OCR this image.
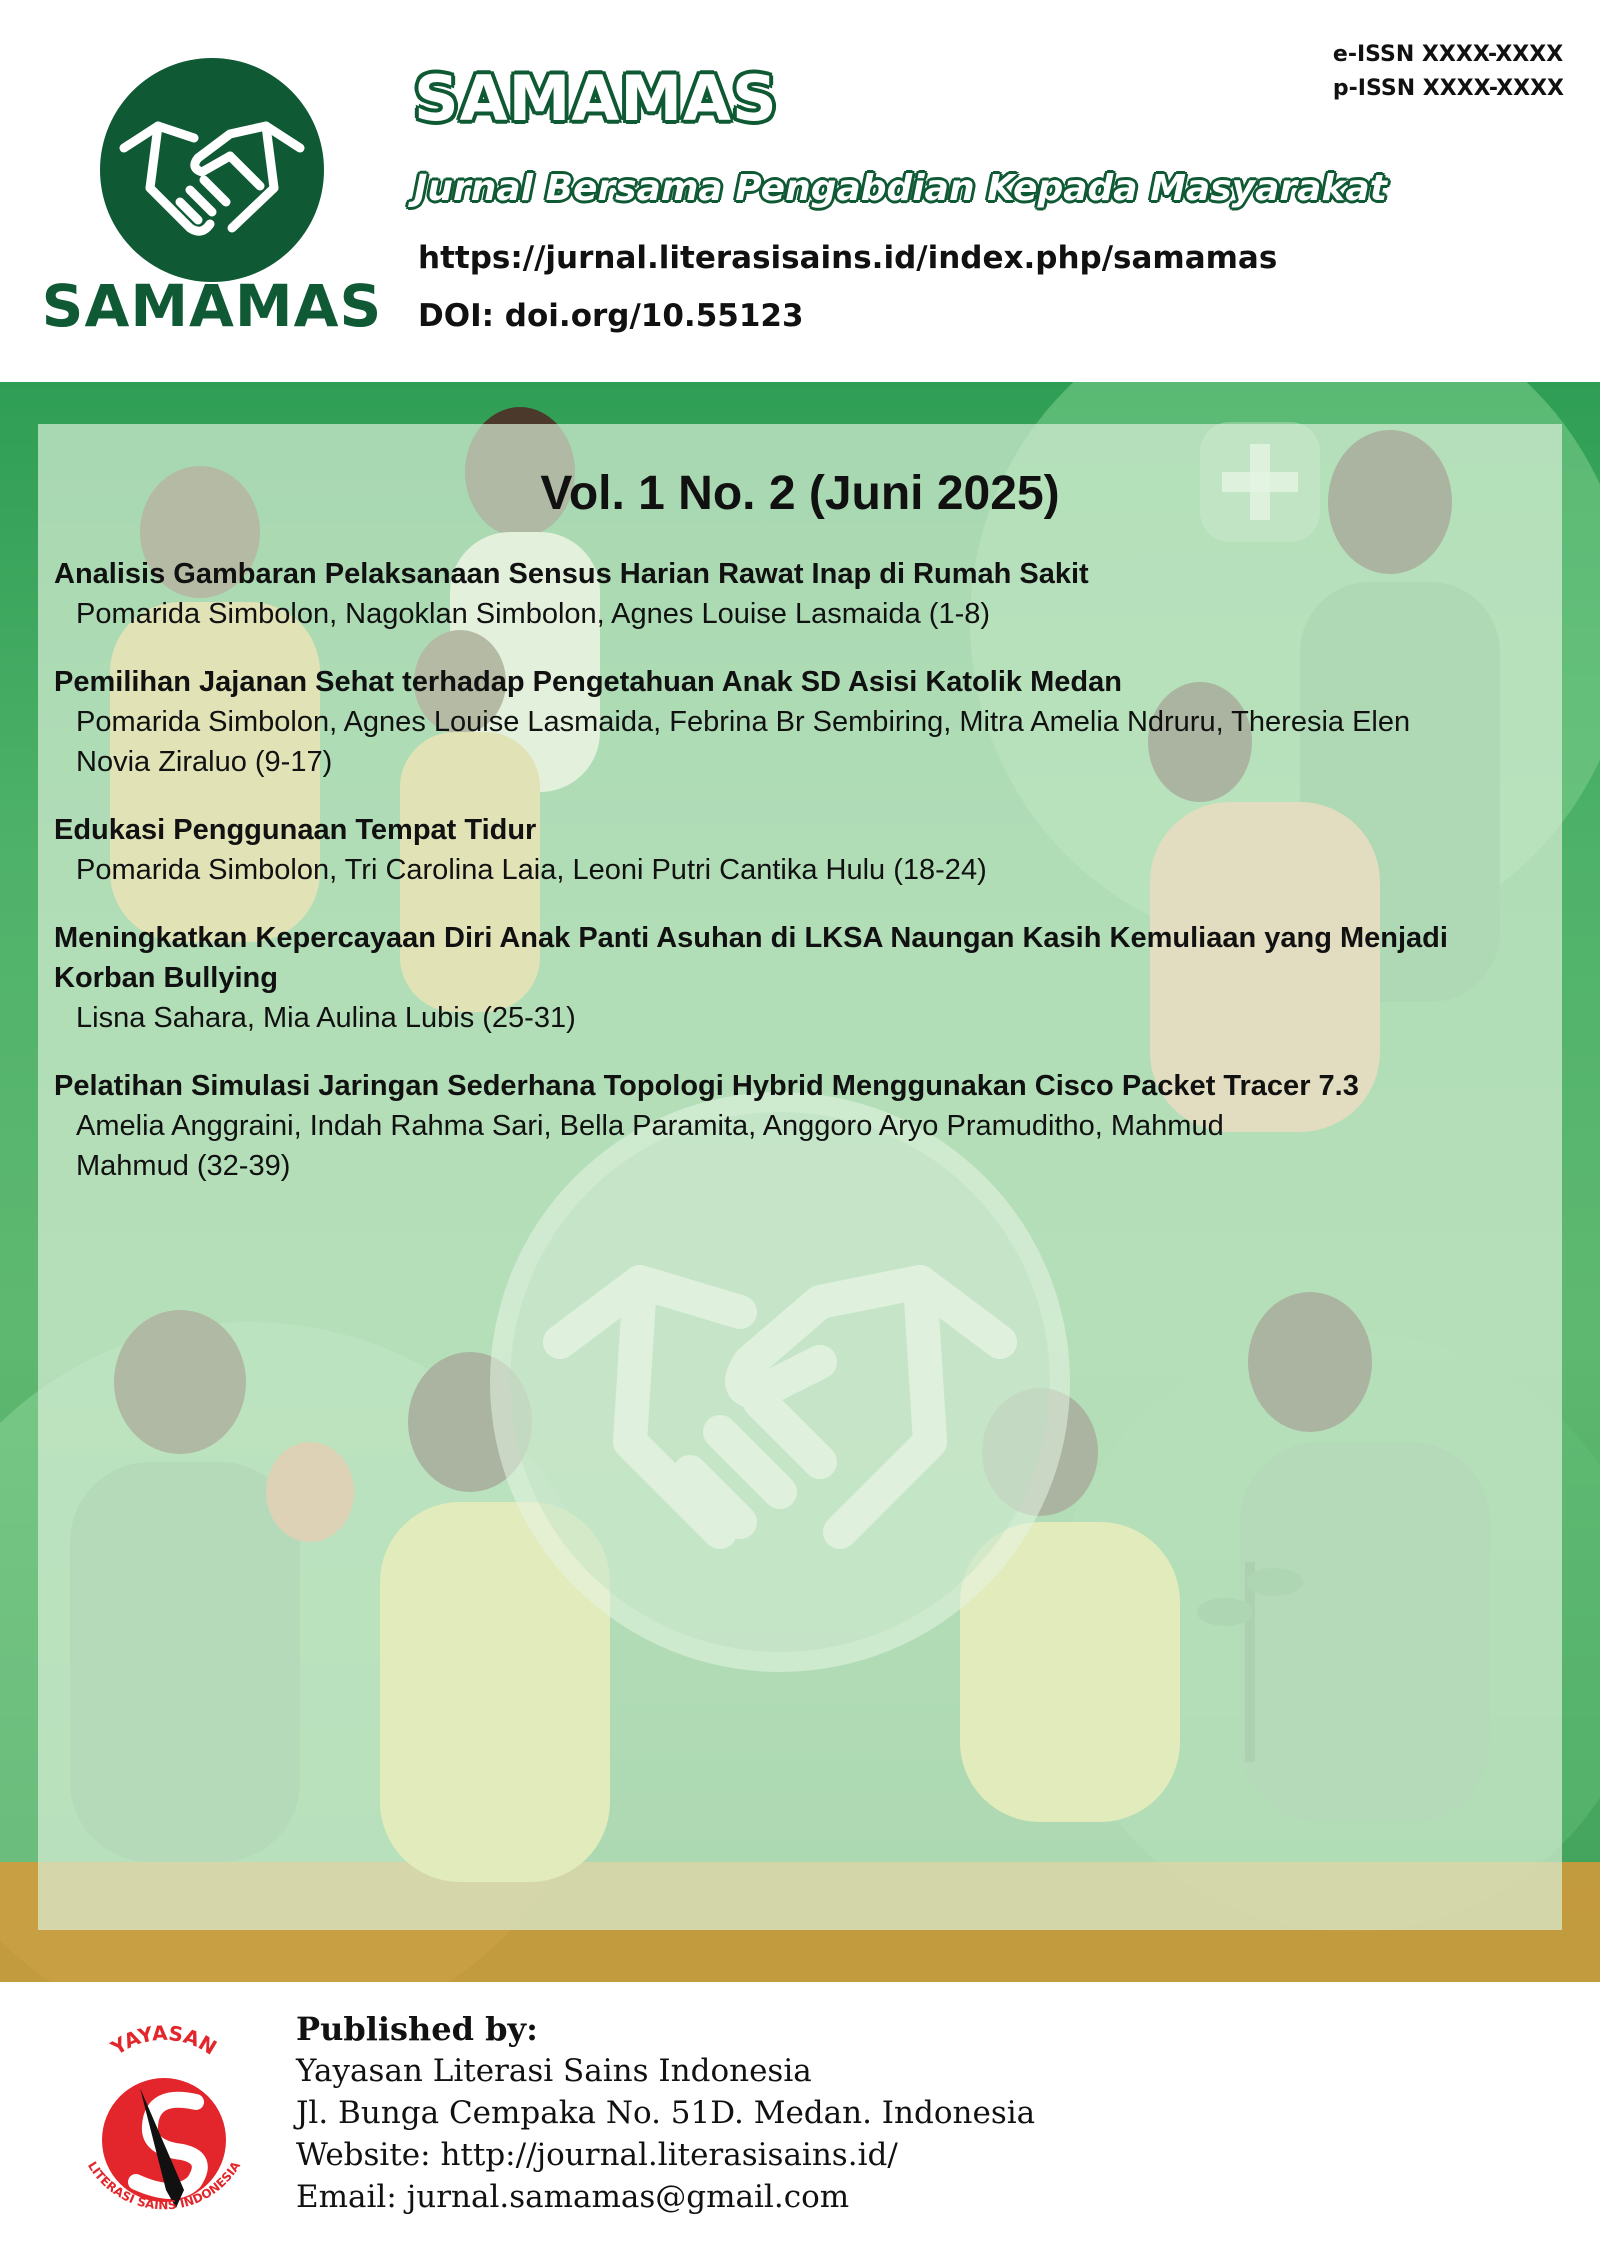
SAMAMAS
e-ISSN XXXX-XXXX
p-ISSN XXXX-XXXX
SAMAMAS
Jurnal Bersama Pengabdian Kepada Masyarakat
https://jurnal.literasisains.id/index.php/samamas
DOI: doi.org/10.55123
Vol. 1 No. 2 (Juni 2025)
Analisis Gambaran Pelaksanaan Sensus Harian Rawat Inap di Rumah Sakit
Pomarida Simbolon, Nagoklan Simbolon, Agnes Louise Lasmaida (1-8)
Pemilihan Jajanan Sehat terhadap Pengetahuan Anak SD Asisi Katolik Medan
Pomarida Simbolon, Agnes Louise Lasmaida, Febrina Br Sembiring, Mitra Amelia Ndruru, Theresia Elen Novia Ziraluo (9-17)
Edukasi Penggunaan Tempat Tidur
Pomarida Simbolon, Tri Carolina Laia, Leoni Putri Cantika Hulu (18-24)
Meningkatkan Kepercayaan Diri Anak Panti Asuhan di LKSA Naungan Kasih Kemuliaan yang Menjadi Korban Bullying
Lisna Sahara, Mia Aulina Lubis (25-31)
Pelatihan Simulasi Jaringan Sederhana Topologi Hybrid Menggunakan Cisco Packet Tracer 7.3
Amelia Anggraini, Indah Rahma Sari, Bella Paramita, Anggoro Aryo Pramuditho, Mahmud Mahmud (32-39)
YAYASAN
LITERASI SAINS INDONESIA
Published by:
Yayasan Literasi Sains Indonesia
Jl. Bunga Cempaka No. 51D. Medan. Indonesia
Website: http://journal.literasisains.id/
Email: jurnal.samamas@gmail.com
